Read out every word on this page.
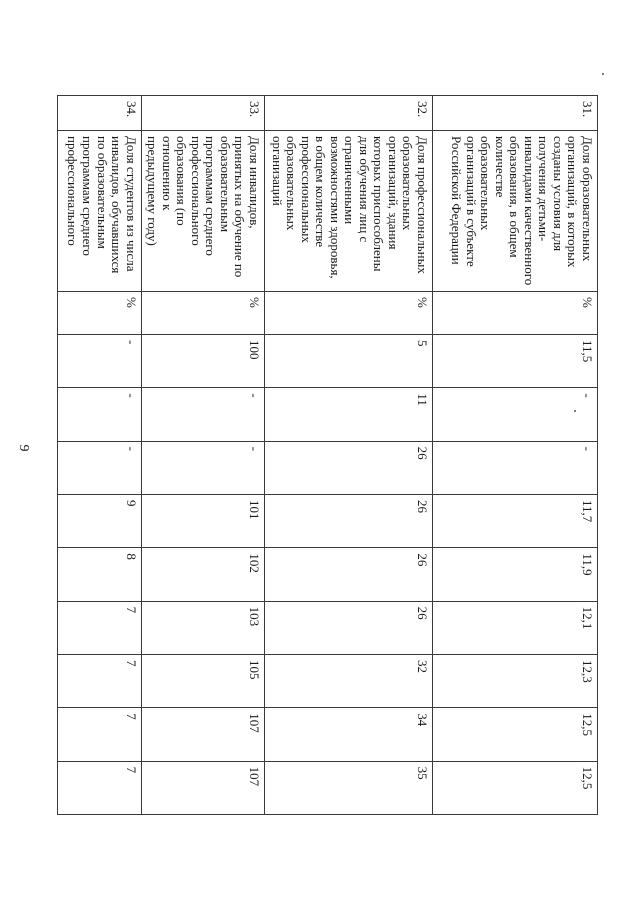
9
31.	Доля образовательных организаций, в которых созданы условия для получения детьми-инвалидами качественного образования, в общем количестве образовательных организаций в субъекте Российской Федерации	%	11,5	-	-	11,7	11,9	12,1	12,3	12,5	12,5
32.	Доля профессиональных образовательных организаций, здания которых приспособлены для обучения лиц с ограниченными возможностями здоровья, в общем количестве профессиональных образовательных организаций	%	5	11	26	26	26	26	32	34	35
33.	Доля инвалидов, принятых на обучение по образовательным программам среднего профессионального образования (по отношению к предыдущему году)	%	100	-	-	101	102	103	105	107	107
34.	Доля студентов из числа инвалидов, обучавшихся по образовательным программам среднего профессионального	%	-	-	-	9	8	7	7	7	7
